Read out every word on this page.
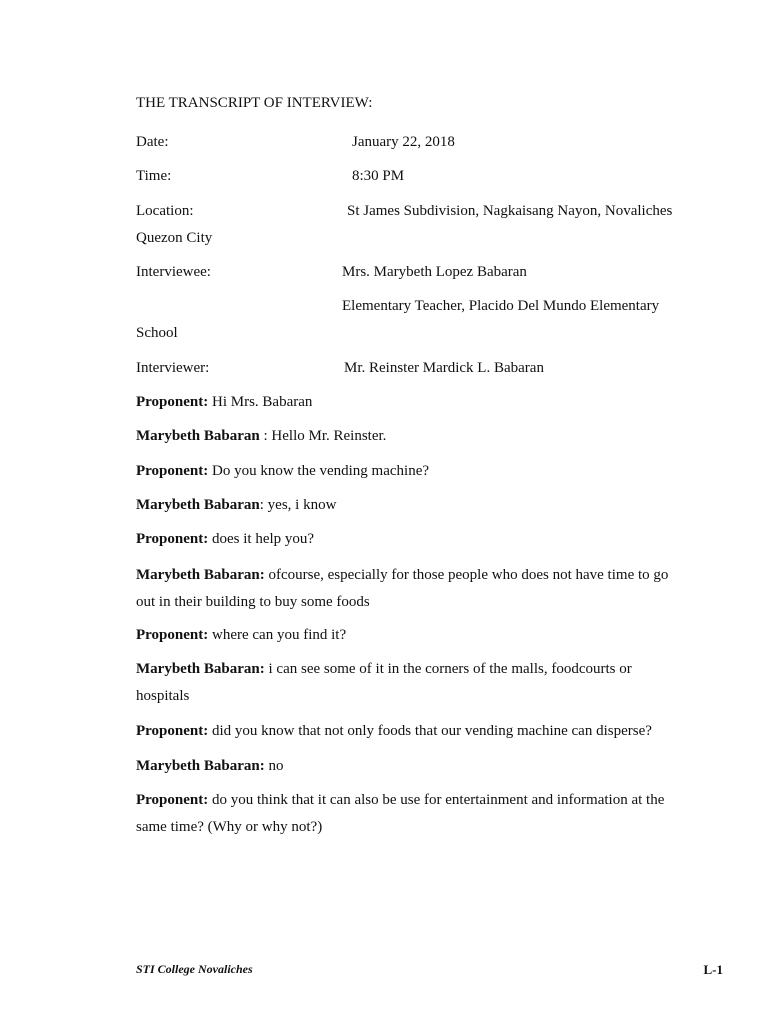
THE TRANSCRIPT OF INTERVIEW:
Date:	January 22, 2018
Time:	8:30 PM
Location:	St James Subdivision, Nagkaisang Nayon, Novaliches
Quezon City
Interviewee:	Mrs. Marybeth Lopez Babaran
Elementary Teacher, Placido Del Mundo Elementary
School
Interviewer:	Mr. Reinster Mardick L. Babaran
Proponent: Hi Mrs. Babaran
Marybeth Babaran : Hello Mr. Reinster.
Proponent: Do you know the vending machine?
Marybeth Babaran: yes, i know
Proponent: does it help you?
Marybeth Babaran: ofcourse, especially for those people who does not have time to go out in their building to buy some foods
Proponent: where can you find it?
Marybeth Babaran: i can see some of it in the corners of the malls, foodcourts or hospitals
Proponent: did you know that not only foods that our vending machine can disperse?
Marybeth Babaran: no
Proponent: do you think that it can also be use for entertainment and information at the same time? (Why or why not?)
STI College Novaliches	L-1
